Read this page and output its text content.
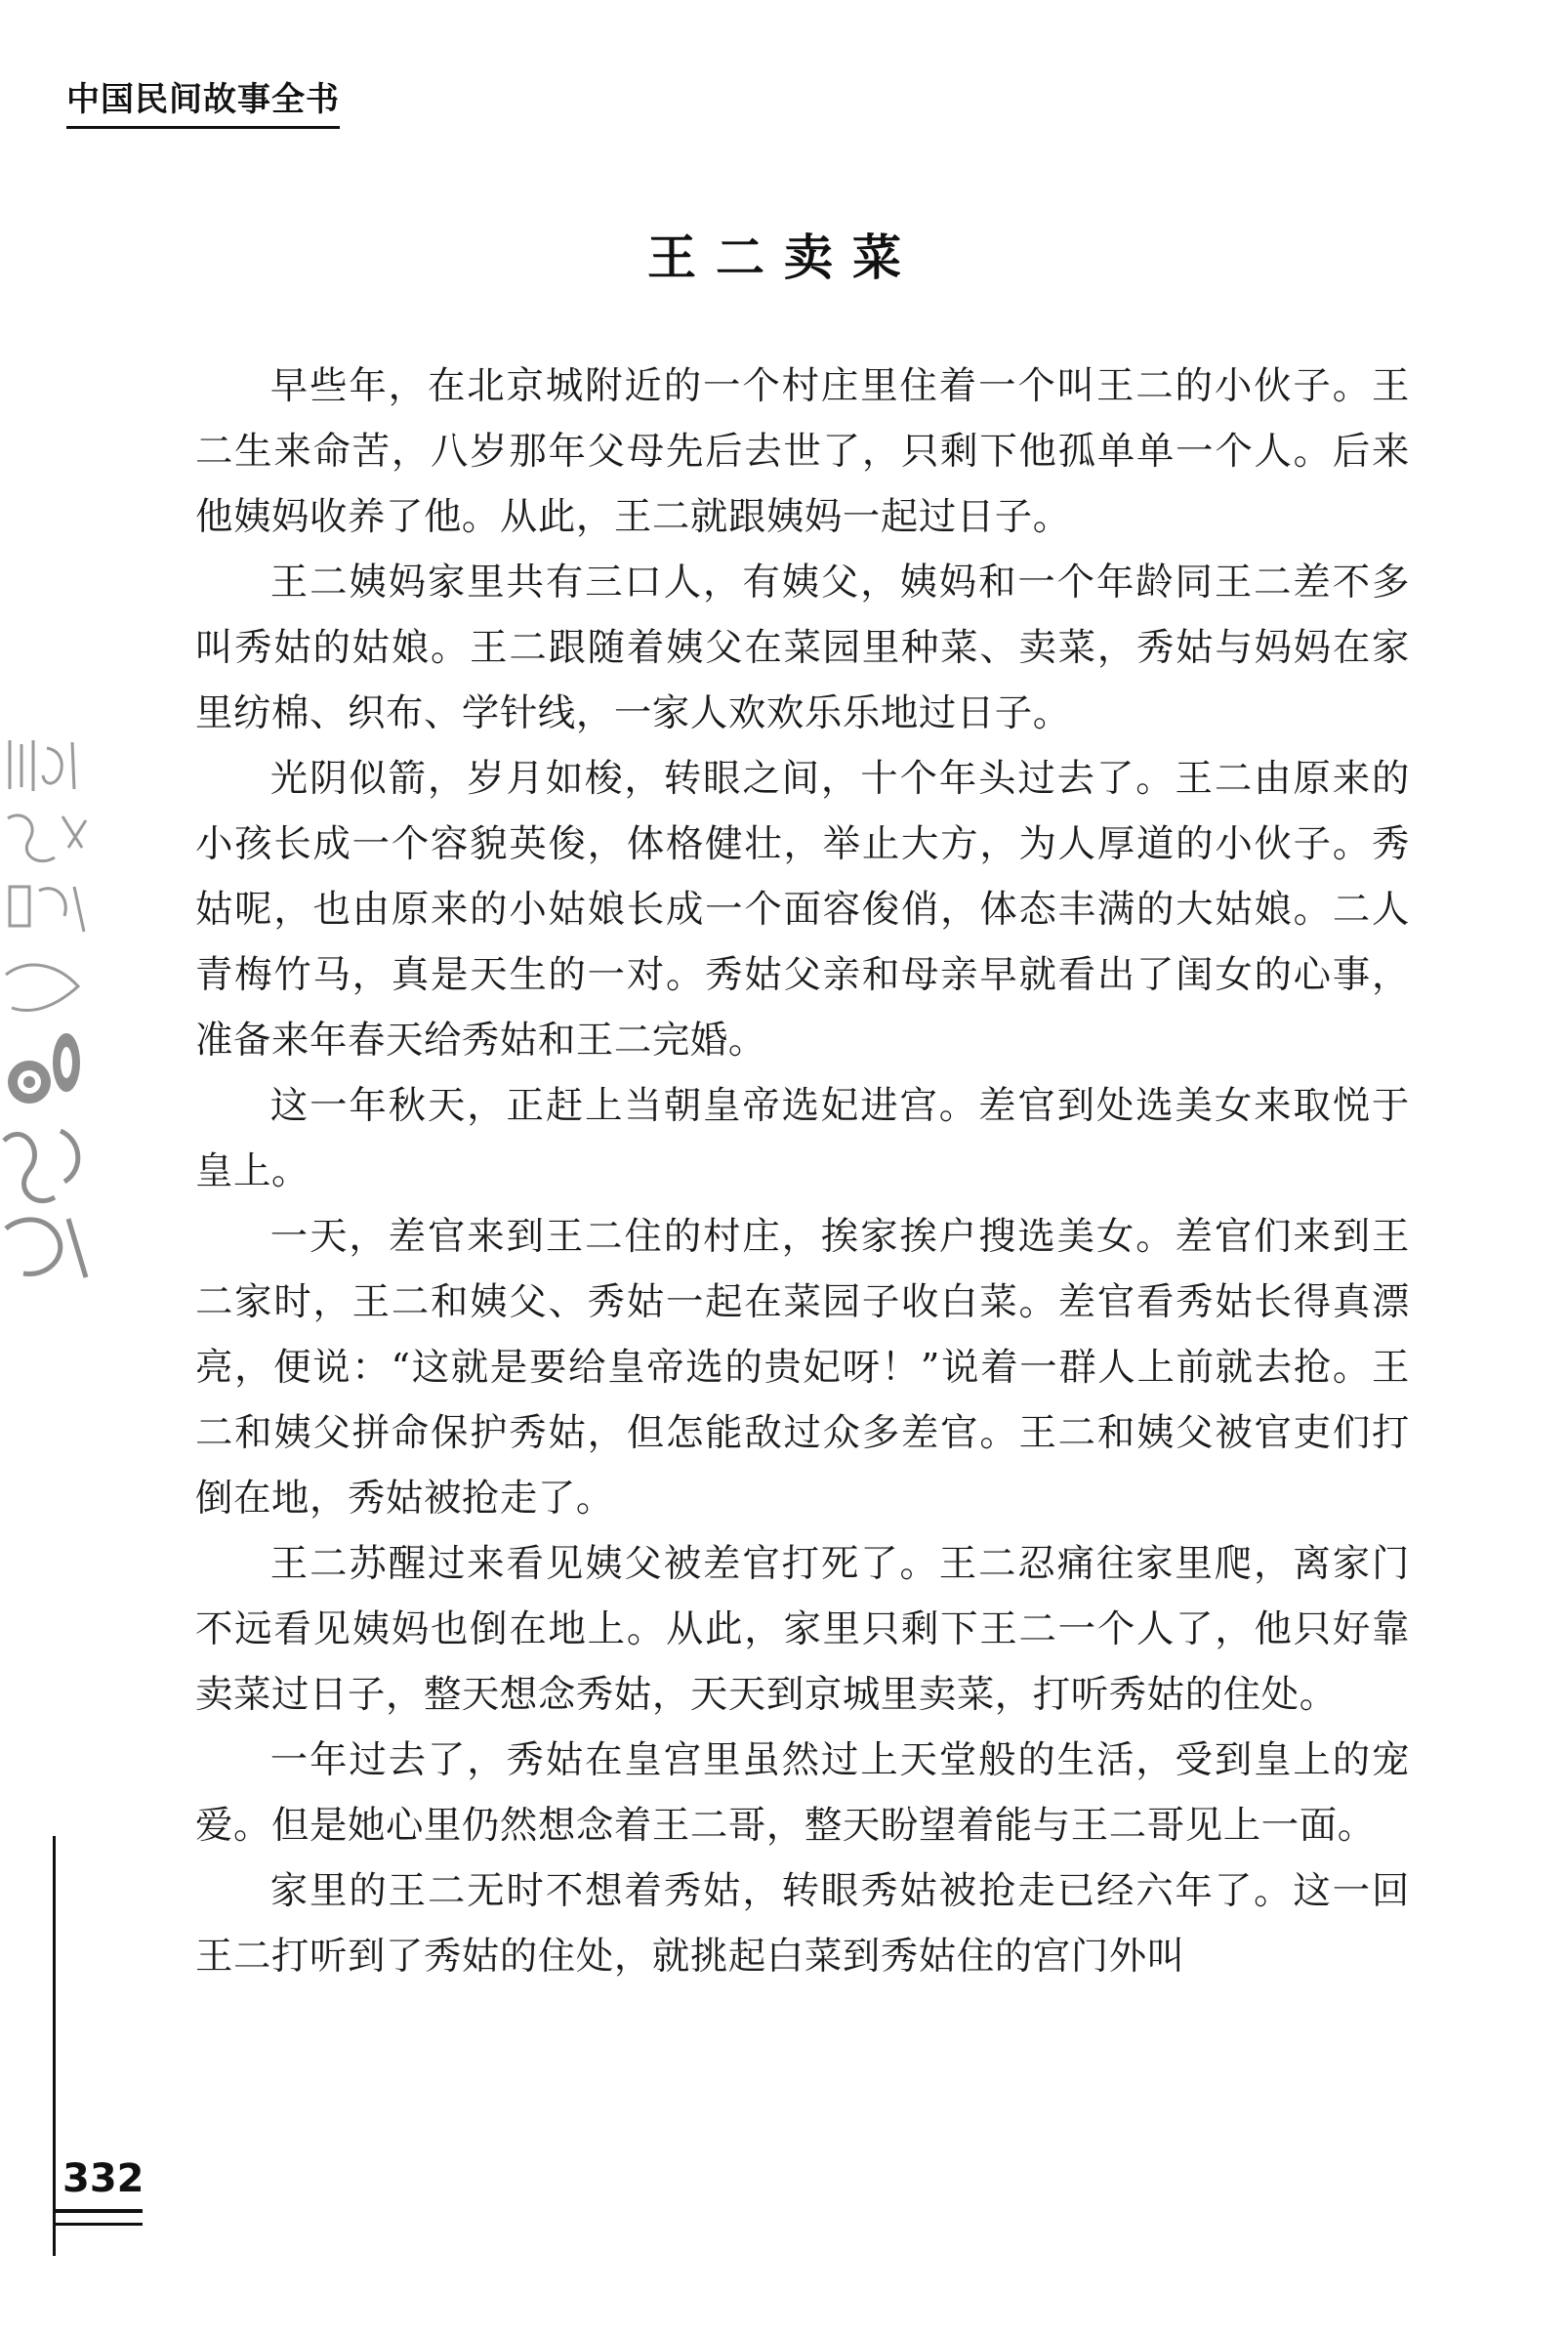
中国民间故事全书
王二卖菜

早些年，在北京城附近的一个村庄里住着一个叫王二的小伙子。王二生来命苦，八岁那年父母先后去世了，只剩下他孤单单一个人。后来他姨妈收养了他。从此，王二就跟姨妈一起过日子。

王二姨妈家里共有三口人，有姨父，姨妈和一个年龄同王二差不多叫秀姑的姑娘。王二跟随着姨父在菜园里种菜、卖菜，秀姑与妈妈在家里纺棉、织布、学针线，一家人欢欢乐乐地过日子。

光阴似箭，岁月如梭，转眼之间，十个年头过去了。王二由原来的小孩长成一个容貌英俊，体格健壮，举止大方，为人厚道的小伙子。秀姑呢，也由原来的小姑娘长成一个面容俊俏，体态丰满的大姑娘。二人青梅竹马，真是天生的一对。秀姑父亲和母亲早就看出了闺女的心事，准备来年春天给秀姑和王二完婚。

这一年秋天，正赶上当朝皇帝选妃进宫。差官到处选美女来取悦于皇上。

一天，差官来到王二住的村庄，挨家挨户搜选美女。差官们来到王二家时，王二和姨父、秀姑一起在菜园子收白菜。差官看秀姑长得真漂亮，便说：“这就是要给皇帝选的贵妃呀！”说着一群人上前就去抢。王二和姨父拼命保护秀姑，但怎能敌过众多差官。王二和姨父被官吏们打倒在地，秀姑被抢走了。

王二苏醒过来看见姨父被差官打死了。王二忍痛往家里爬，离家门不远看见姨妈也倒在地上。从此，家里只剩下王二一个人了，他只好靠卖菜过日子，整天想念秀姑，天天到京城里卖菜，打听秀姑的住处。

一年过去了，秀姑在皇宫里虽然过上天堂般的生活，受到皇上的宠爱。但是她心里仍然想念着王二哥，整天盼望着能与王二哥见上一面。

家里的王二无时不想着秀姑，转眼秀姑被抢走已经六年了。这一回王二打听到了秀姑的住处，就挑起白菜到秀姑住的宫门外叫

332
